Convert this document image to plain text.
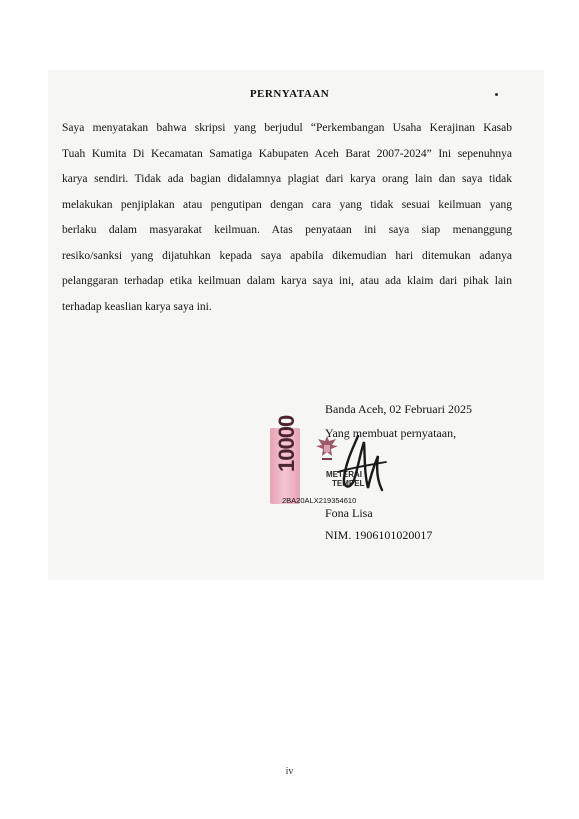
PERNYATAAN
Saya menyatakan bahwa skripsi yang berjudul “Perkembangan Usaha Kerajinan Kasab
Tuah Kumita Di Kecamatan Samatiga Kabupaten Aceh Barat 2007-2024” Ini sepenuhnya
karya sendiri. Tidak ada bagian didalamnya plagiat dari karya orang lain dan saya tidak
melakukan penjiplakan atau pengutipan dengan cara yang tidak sesuai keilmuan yang
berlaku dalam masyarakat keilmuan. Atas penyataan ini saya siap menanggung
resiko/sanksi yang dijatuhkan kepada saya apabila dikemudian hari ditemukan adanya
pelanggaran terhadap etika keilmuan dalam karya saya ini, atau ada klaim dari pihak lain
terhadap keaslian karya saya ini.
Banda Aceh, 02 Februari 2025
Yang membuat pernyataan,
10000
METERAI
TEMPEL
2BA20ALX219354610
Fona Lisa
NIM. 1906101020017
iv
